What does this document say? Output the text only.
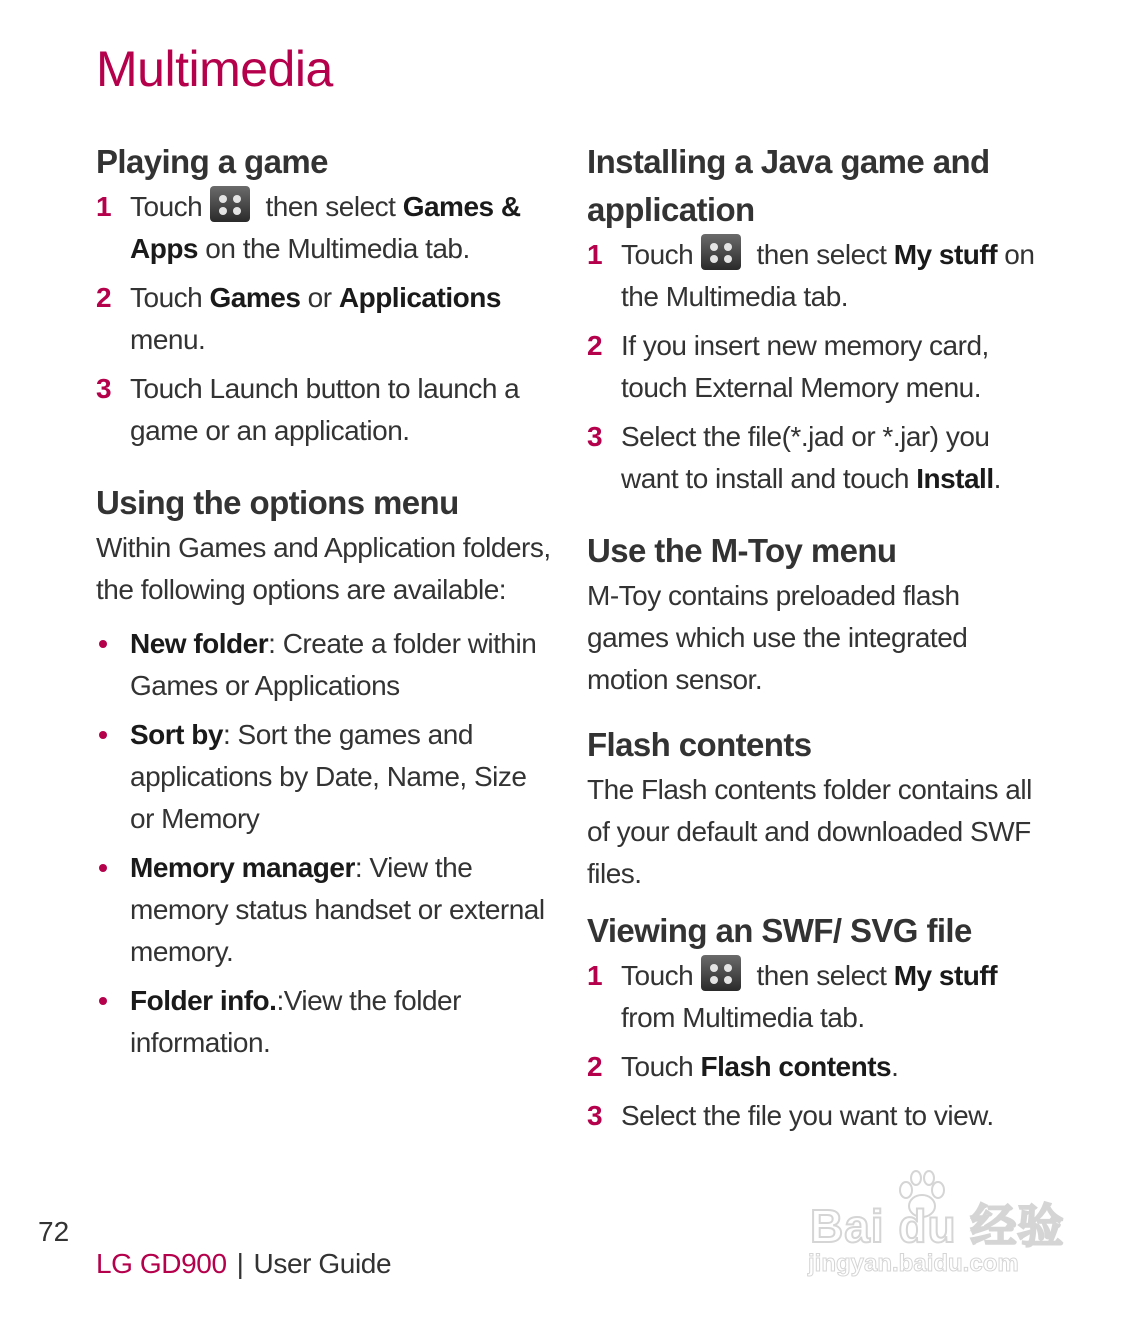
Multimedia
Playing a game
1 Touch
then select Games & Apps on the Multimedia tab.
2 Touch Games or Applications menu.
3 Touch Launch button to launch a game or an application.
Using the options menu

Within Games and Application folders, the following options are available:

New folder: Create a folder within Games or Applications
Sort by: Sort the games and applications by Date, Name, Size or Memory
Memory manager: View the memory status handset or external memory.
Folder info.:View the folder information.
Installing a Java game and application
1 Touch
then select My stuff on the Multimedia tab.
2 If you insert new memory card, touch External Memory menu.
3 Select the file(*.jad or *.jar) you want to install and touch Install.
Use the M-Toy menu

M-Toy contains preloaded flash games which use the integrated motion sensor.

Flash contents

The Flash contents folder contains all of your default and downloaded SWF files.

Viewing an SWF/ SVG file
1 Touch
then select My stuff from Multimedia tab.
2 Touch Flash contents.
3 Select the file you want to view.
72
LG GD900 | User Guide
Bai du 经验
jingyan.baidu.com
